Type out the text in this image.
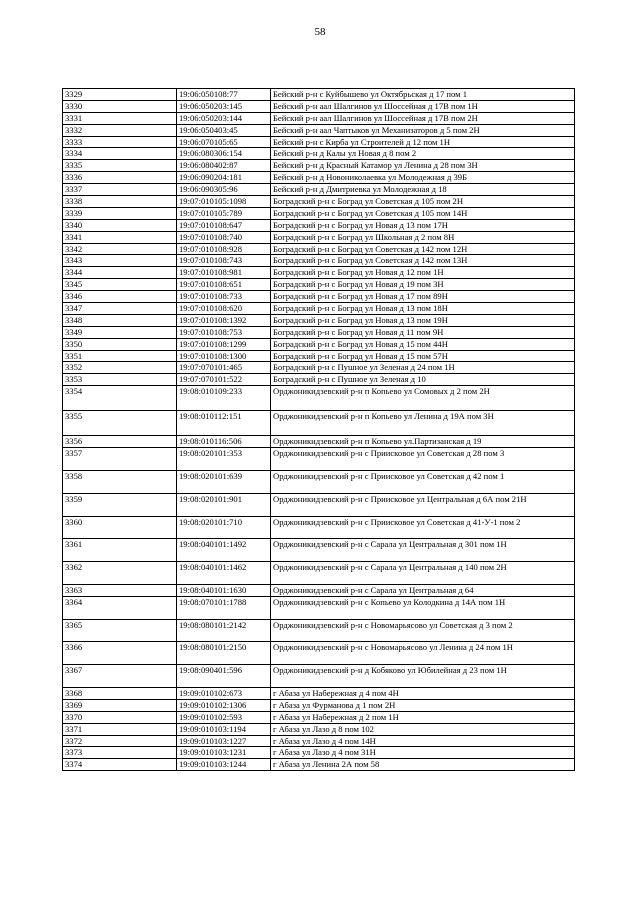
58
3329	19:06:050108:77	Бейский р-н с Куйбышево ул Октябрьская д 17 пом 1
3330	19:06:050203:145	Бейский р-н аал Шалгинов ул Шоссейная д 17В пом 1Н
3331	19:06:050203:144	Бейский р-н аал Шалгинов ул Шоссейная д 17В пом 2Н
3332	19:06:050403:45	Бейский р-н аал Чаптыков ул Механизаторов д 5 пом 2Н
3333	19:06:070105:65	Бейский р-н с Кирба ул Строителей д 12 пом 1Н
3334	19:06:080306:154	Бейский р-н д Калы ул Новая д 8 пом 2
3335	19:06:080402:87	Бейский р-н д Красный Катамор ул Ленина д 28 пом 3Н
3336	19:06:090204:181	Бейский р-н д Новониколаевка ул Молодежная д 39Б
3337	19:06:090305:96	Бейский р-н д Дмитриевка ул Молодежная д 18
3338	19:07:010105:1098	Боградский р-н с Боград ул Советская д 105 пом 2Н
3339	19:07:010105:789	Боградский р-н с Боград ул Советская д 105 пом 14Н
3340	19:07:010108:647	Боградский р-н с Боград ул Новая д 13 пом 17Н
3341	19:07:010108:740	Боградский р-н с Боград ул Школьная д 2 пом 8Н
3342	19:07:010108:928	Боградский р-н с Боград ул Советская д 142 пом 12Н
3343	19:07:010108:743	Боградский р-н с Боград ул Советская д 142 пом 13Н
3344	19:07:010108:981	Боградский р-н с Боград ул Новая д 12 пом 1Н
3345	19:07:010108:651	Боградский р-н с Боград ул Новая д 19 пом 3Н
3346	19:07:010108:733	Боградский р-н с Боград ул Новая д 17 пом 89Н
3347	19:07:010108:620	Боградский р-н с Боград ул Новая д 13 пом 18Н
3348	19:07:010108:1392	Боградский р-н с Боград ул Новая д 13 пом 19Н
3349	19:07:010108:753	Боградский р-н с Боград ул Новая д 11 пом 9Н
3350	19:07:010108:1299	Боградский р-н с Боград ул Новая д 15 пом 44Н
3351	19:07:010108:1300	Боградский р-н с Боград ул Новая д 15 пом 57Н
3352	19:07:070101:465	Боградский р-н с Пушное ул Зеленая д 24 пом 1Н
3353	19:07:070101:522	Боградский р-н с Пушное ул Зеленая д 10
3354	19:08:010109:233	Орджоникидзевский р-н п Копьево ул Сомовых д 2 пом 2Н
3355	19:08:010112:151	Орджоникидзевский р-н п Копьево ул Ленина д 19А пом 3Н
3356	19:08:010116:506	Орджоникидзевский р-н п Копьево ул.Партизанская д 19
3357	19:08:020101:353	Орджоникидзевский р-н с Приисковое ул Советская д 28 пом 3
3358	19:08:020101:639	Орджоникидзевский р-н с Приисковое ул Советская д 42 пом 1
3359	19:08:020101:901	Орджоникидзевский р-н с Приисковое ул Центральная д 6А пом 21Н
3360	19:08:020101:710	Орджоникидзевский р-н с Приисковое ул Советская д 41-У-1 пом 2
3361	19:08:040101:1492	Орджоникидзевский р-н с Сарала ул Центральная д 301 пом 1Н
3362	19:08:040101:1462	Орджоникидзевский р-н с Сарала ул Центральная д 140 пом 2Н
3363	19:08:040101:1630	Орджоникидзевский р-н с Сарала ул Центральная д 64
3364	19:08:070101:1788	Орджоникидзевский р-н с Копьево ул Колодкина д 14А пом 1Н
3365	19:08:080101:2142	Орджоникидзевский р-н с Новомарьясово ул Советская д 3 пом 2
3366	19:08:080101:2150	Орджоникидзевский р-н с Новомарьясово ул Ленина д 24 пом 1Н
3367	19:08:090401:596	Орджоникидзевский р-н д Кобяково ул Юбилейная д 23 пом 1Н
3368	19:09:010102:673	г Абаза ул Набережная д 4 пом 4Н
3369	19:09:010102:1306	г Абаза ул Фурманова д 1 пом 2Н
3370	19:09:010102:593	г Абаза ул Набережная д 2 пом 1Н
3371	19:09:010103:1194	г Абаза ул Лазо д 8 пом 102
3372	19:09:010103:1227	г Абаза ул Лазо д 4 пом 14Н
3373	19:09:010103:1231	г Абаза ул Лазо д 4 пом 31Н
3374	19:09:010103:1244	г Абаза ул Ленина 2А пом 58
